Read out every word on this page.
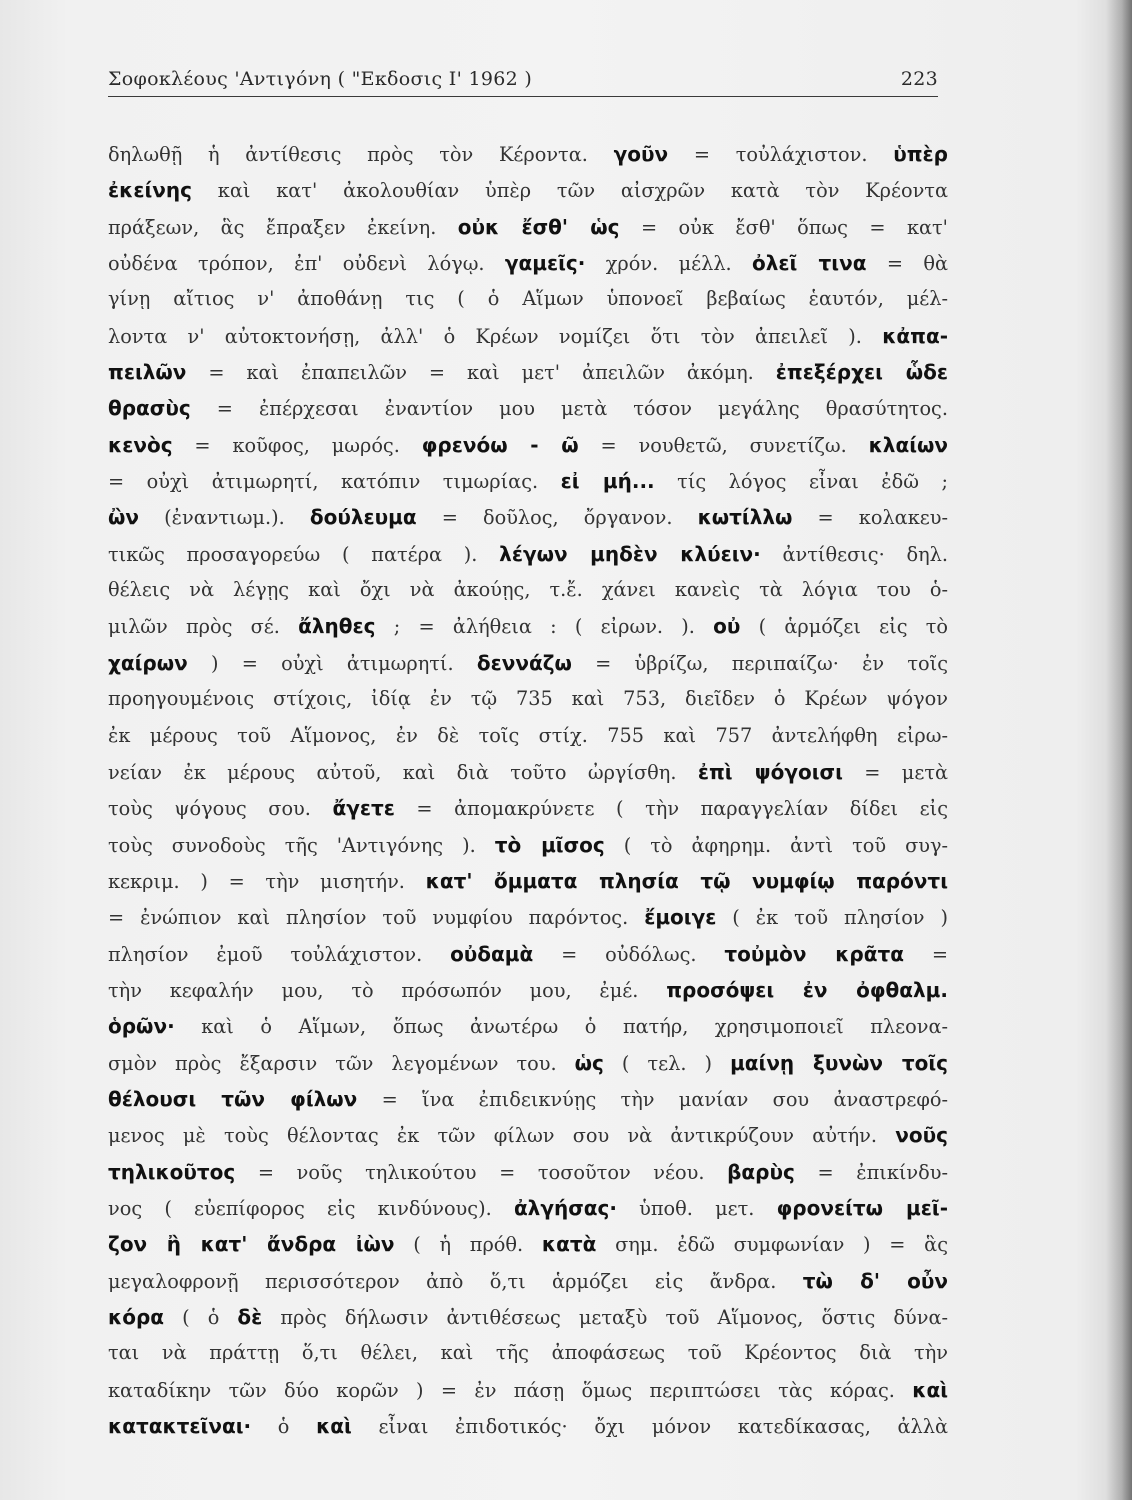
Σοφοκλέους 'Αντιγόνη ( "Εκδοσις Ι' 1962 )	223
δηλωθῇ ἡ ἀντίθεσις πρὸς τὸν Κέροντα. γοῦν = τοὐλάχιστον. ὑπὲρ
ἐκείνης καὶ κατ' ἀκολουθίαν ὑπὲρ τῶν αἰσχρῶν κατὰ τὸν Κρέοντα
πράξεων, ἃς ἔπραξεν ἐκείνη. οὐκ ἔσθ' ὡς = οὐκ ἔσθ' ὅπως = κατ'
οὐδένα τρόπον, ἐπ' οὐδενὶ λόγῳ. γαμεῖς· χρόν. μέλλ. ὀλεῖ τινα = θὰ
γίνῃ αἴτιος ν' ἀποθάνῃ τις ( ὁ Αἵμων ὑπονοεῖ βεβαίως ἑαυτόν, μέλ-
λοντα ν' αὐτοκτονήσῃ, ἀλλ' ὁ Κρέων νομίζει ὅτι τὸν ἀπειλεῖ ). κἀπα-
πειλῶν = καὶ ἐπαπειλῶν = καὶ μετ' ἀπειλῶν ἀκόμη. ἐπεξέρχει ὧδε
θρασὺς = ἐπέρχεσαι ἐναντίον μου μετὰ τόσον μεγάλης θρασύτητος.
κενὸς = κοῦφος, μωρός. φρενόω - ῶ = νουθετῶ, συνετίζω. κλαίων
= οὐχὶ ἀτιμωρητί, κατόπιν τιμωρίας. εἰ μή... τίς λόγος εἶναι ἐδῶ ;
ὢν (ἐναντιωμ.). δούλευμα = δοῦλος, ὄργανον. κωτίλλω = κολακευ-
τικῶς προσαγορεύω ( πατέρα ). λέγων μηδὲν κλύειν· ἀντίθεσις· δηλ.
θέλεις νὰ λέγῃς καὶ ὄχι νὰ ἀκούῃς, τ.ἔ. χάνει κανεὶς τὰ λόγια του ὁ-
μιλῶν πρὸς σέ. ἄληθες ; = ἀλήθεια : ( εἰρων. ). οὐ ( ἁρμόζει εἰς τὸ
χαίρων ) = οὐχὶ ἀτιμωρητί. δεννάζω = ὑβρίζω, περιπαίζω· ἐν τοῖς
προηγουμένοις στίχοις, ἰδίᾳ ἐν τῷ 735 καὶ 753, διεῖδεν ὁ Κρέων ψόγον
ἐκ μέρους τοῦ Αἵμονος, ἐν δὲ τοῖς στίχ. 755 καὶ 757 ἀντελήφθη εἰρω-
νείαν ἐκ μέρους αὐτοῦ, καὶ διὰ τοῦτο ὠργίσθη. ἐπὶ ψόγοισι = μετὰ
τοὺς ψόγους σου. ἄγετε = ἀπομακρύνετε ( τὴν παραγγελίαν δίδει εἰς
τοὺς συνοδοὺς τῆς 'Αντιγόνης ). τὸ μῖσος ( τὸ ἀφηρημ. ἀντὶ τοῦ συγ-
κεκριμ. ) = τὴν μισητήν. κατ' ὄμματα πλησία τῷ νυμφίῳ παρόντι
= ἐνώπιον καὶ πλησίον τοῦ νυμφίου παρόντος. ἔμοιγε ( ἐκ τοῦ πλησίον )
πλησίον ἐμοῦ τοὐλάχιστον. οὐδαμὰ = οὐδόλως. τοὐμὸν κρᾶτα =
τὴν κεφαλήν μου, τὸ πρόσωπόν μου, ἐμέ. προσόψει ἐν ὀφθαλμ.
ὁρῶν· καὶ ὁ Αἵμων, ὅπως ἀνωτέρω ὁ πατήρ, χρησιμοποιεῖ πλεονα-
σμὸν πρὸς ἔξαρσιν τῶν λεγομένων του. ὡς ( τελ. ) μαίνῃ ξυνὼν τοῖς
θέλουσι τῶν φίλων = ἵνα ἐπιδεικνύῃς τὴν μανίαν σου ἀναστρεφό-
μενος μὲ τοὺς θέλοντας ἐκ τῶν φίλων σου νὰ ἀντικρύζουν αὐτήν. νοῦς
τηλικοῦτος = νοῦς τηλικούτου = τοσοῦτον νέου. βαρὺς = ἐπικίνδυ-
νος ( εὐεπίφορος εἰς κινδύνους). ἀλγήσας· ὑποθ. μετ. φρονείτω μεῖ-
ζον ἢ κατ' ἄνδρα ἰὼν ( ἡ πρόθ. κατὰ σημ. ἐδῶ συμφωνίαν ) = ἃς
μεγαλοφρονῇ περισσότερον ἀπὸ ὅ,τι ἁρμόζει εἰς ἄνδρα. τὼ δ' οὖν
κόρα ( ὁ δὲ πρὸς δήλωσιν ἀντιθέσεως μεταξὺ τοῦ Αἵμονος, ὅστις δύνα-
ται νὰ πράττῃ ὅ,τι θέλει, καὶ τῆς ἀποφάσεως τοῦ Κρέοντος διὰ τὴν
καταδίκην τῶν δύο κορῶν ) = ἐν πάσῃ ὅμως περιπτώσει τὰς κόρας. καὶ
κατακτεῖναι· ὁ καὶ εἶναι ἐπιδοτικός· ὄχι μόνον κατεδίκασας, ἀλλὰ
